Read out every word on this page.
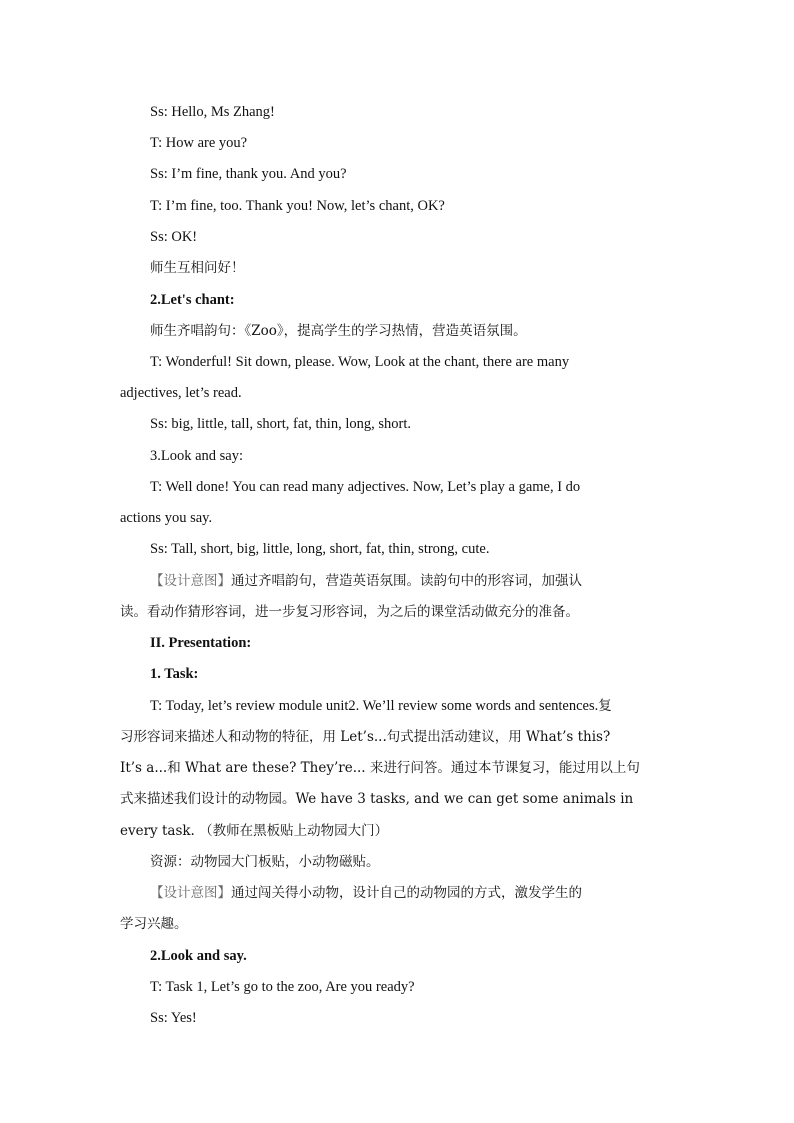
Ss: Hello, Ms Zhang!
T: How are you?
Ss: I’m fine, thank you. And you?
T: I’m fine, too. Thank you! Now, let’s chant, OK?
Ss: OK!
师生互相问好！
2.Let's chant:
师生齐唱韵句：《Zoo》，提高学生的学习热情，营造英语氛围。
T: Wonderful! Sit down, please. Wow, Look at the chant, there are many
adjectives, let’s read.
Ss: big, little, tall, short, fat, thin, long, short.
3.Look and say:
T: Well done! You can read many adjectives. Now, Let’s play a game, I do
actions you say.
Ss: Tall, short, big, little, long, short, fat, thin, strong, cute.
【设计意图】通过齐唱韵句，营造英语氛围。读韵句中的形容词，加强认
读。看动作猜形容词，进一步复习形容词，为之后的课堂活动做充分的准备。
II. Presentation:
1. Task:
T: Today, let’s review module unit2. We’ll review some words and sentences.复
习形容词来描述人和动物的特征，用 Let’s...句式提出活动建议，用 What’s this?
It’s a...和 What are these? They’re... 来进行问答。通过本节课复习，能过用以上句
式来描述我们设计的动物园。We have 3 tasks, and we can get some animals in
every task. （教师在黑板贴上动物园大门）
资源：动物园大门板贴，小动物磁贴。
【设计意图】通过闯关得小动物，设计自己的动物园的方式，激发学生的
学习兴趣。
2.Look and say.
T: Task 1, Let’s go to the zoo, Are you ready?
Ss: Yes!
